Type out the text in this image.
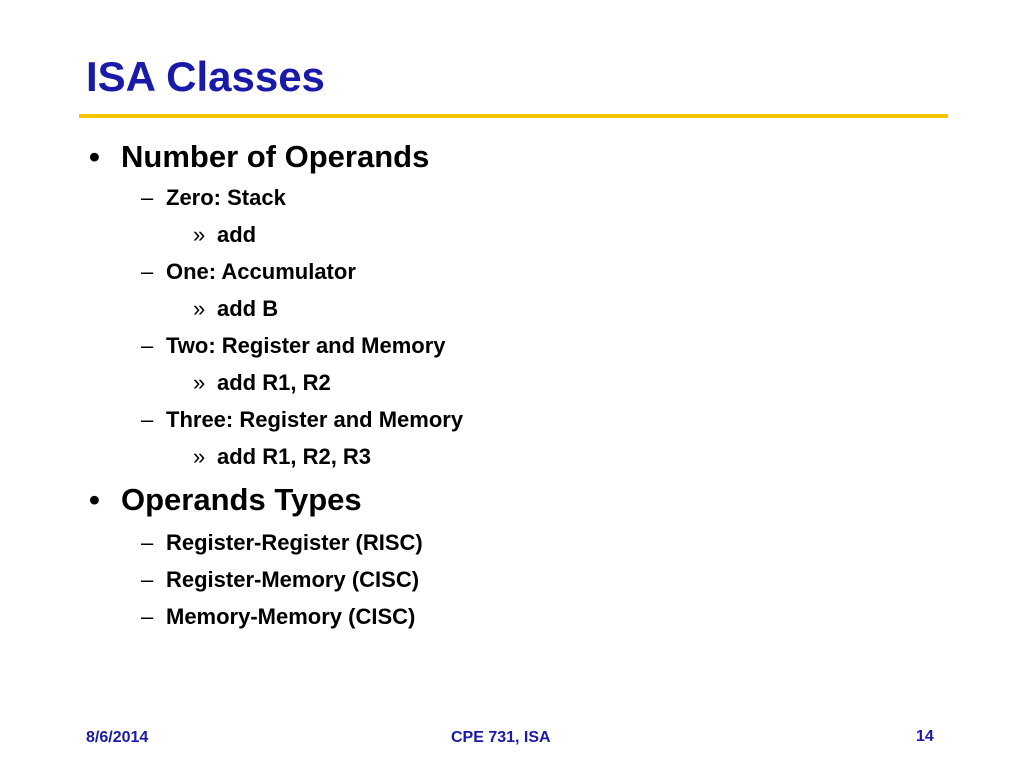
ISA Classes
• Number of Operands
– Zero: Stack
» add
– One: Accumulator
» add B
– Two: Register and Memory
» add R1, R2
– Three: Register and Memory
» add R1, R2, R3
• Operands Types
– Register-Register (RISC)
– Register-Memory (CISC)
– Memory-Memory (CISC)
8/6/2014	CPE 731, ISA	14
